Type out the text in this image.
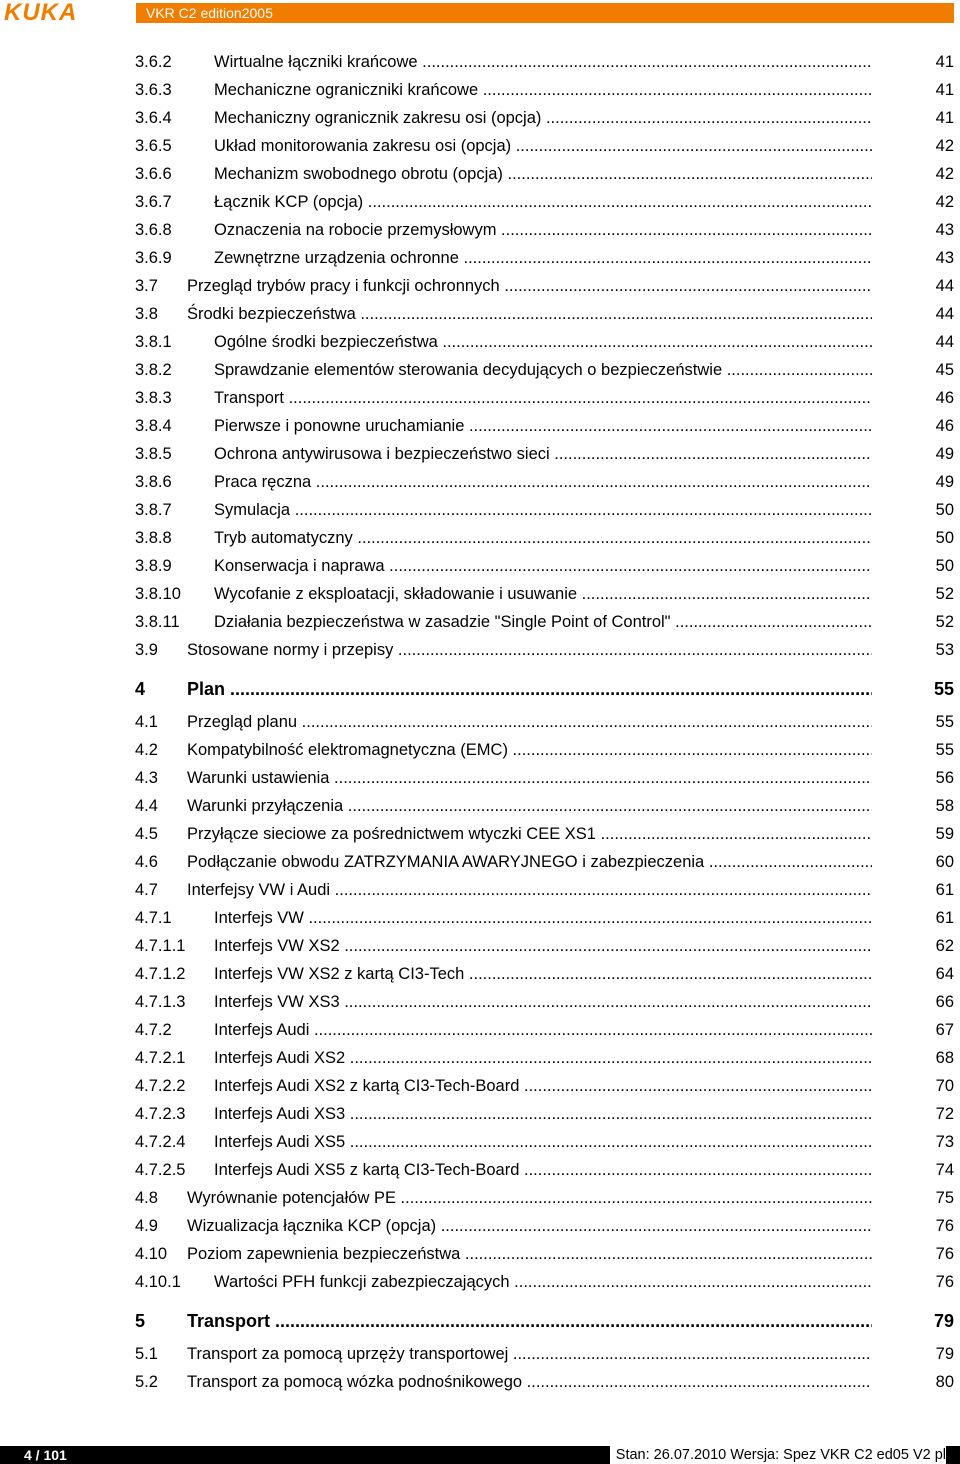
KUKA	VKR C2 edition2005
3.6.2	Wirtualne łączniki krańcowe .....	41
3.6.3	Mechaniczne ograniczniki krańcowe .....	41
3.6.4	Mechaniczny ogranicznik zakresu osi (opcja) .....	41
3.6.5	Układ monitorowania zakresu osi (opcja) .....	42
3.6.6	Mechanizm swobodnego obrotu (opcja) .....	42
3.6.7	Łącznik KCP (opcja) .....	42
3.6.8	Oznaczenia na robocie przemysłowym .....	43
3.6.9	Zewnętrzne urządzenia ochronne .....	43
3.7 Przegląd trybów pracy i funkcji ochronnych .....	44
3.8 Środki bezpieczeństwa .....	44
3.8.1	Ogólne środki bezpieczeństwa .....	44
3.8.2	Sprawdzanie elementów sterowania decydujących o bezpieczeństwie .....	45
3.8.3	Transport .....	46
3.8.4	Pierwsze i ponowne uruchamianie .....	46
3.8.5	Ochrona antywirusowa i bezpieczeństwo sieci .....	49
3.8.6	Praca ręczna .....	49
3.8.7	Symulacja .....	50
3.8.8	Tryb automatyczny .....	50
3.8.9	Konserwacja i naprawa .....	50
3.8.10 Wycofanie z eksploatacji, składowanie i usuwanie .....	52
3.8.11 Działania bezpieczeństwa w zasadzie "Single Point of Control" .....	52
3.9 Stosowane normy i przepisy .....	53
4 Plan .....	55
4.1 Przegląd planu .....	55
4.2 Kompatybilność elektromagnetyczna (EMC) .....	55
4.3 Warunki ustawienia .....	56
4.4 Warunki przyłączenia .....	58
4.5 Przyłącze sieciowe za pośrednictwem wtyczki CEE XS1 .....	59
4.6 Podłączanie obwodu ZATRZYMANIA AWARYJNEGO i zabezpieczenia .....	60
4.7 Interfejsy VW i Audi .....	61
4.7.1	Interfejs VW .....	61
4.7.1.1 Interfejs VW XS2 .....	62
4.7.1.2 Interfejs VW XS2 z kartą CI3-Tech .....	64
4.7.1.3 Interfejs VW XS3 .....	66
4.7.2	Interfejs Audi .....	67
4.7.2.1 Interfejs Audi XS2 .....	68
4.7.2.2 Interfejs Audi XS2 z kartą CI3-Tech-Board .....	70
4.7.2.3 Interfejs Audi XS3 .....	72
4.7.2.4 Interfejs Audi XS5 .....	73
4.7.2.5 Interfejs Audi XS5 z kartą CI3-Tech-Board .....	74
4.8 Wyrównanie potencjałów PE .....	75
4.9 Wizualizacja łącznika KCP (opcja) .....	76
4.10 Poziom zapewnienia bezpieczeństwa .....	76
4.10.1 Wartości PFH funkcji zabezpieczających .....	76
5 Transport .....	79
5.1 Transport za pomocą uprzęży transportowej .....	79
5.2 Transport za pomocą wózka podnośnikowego .....	80
4 / 101	Stan: 26.07.2010 Wersja: Spez VKR C2 ed05 V2 pl
